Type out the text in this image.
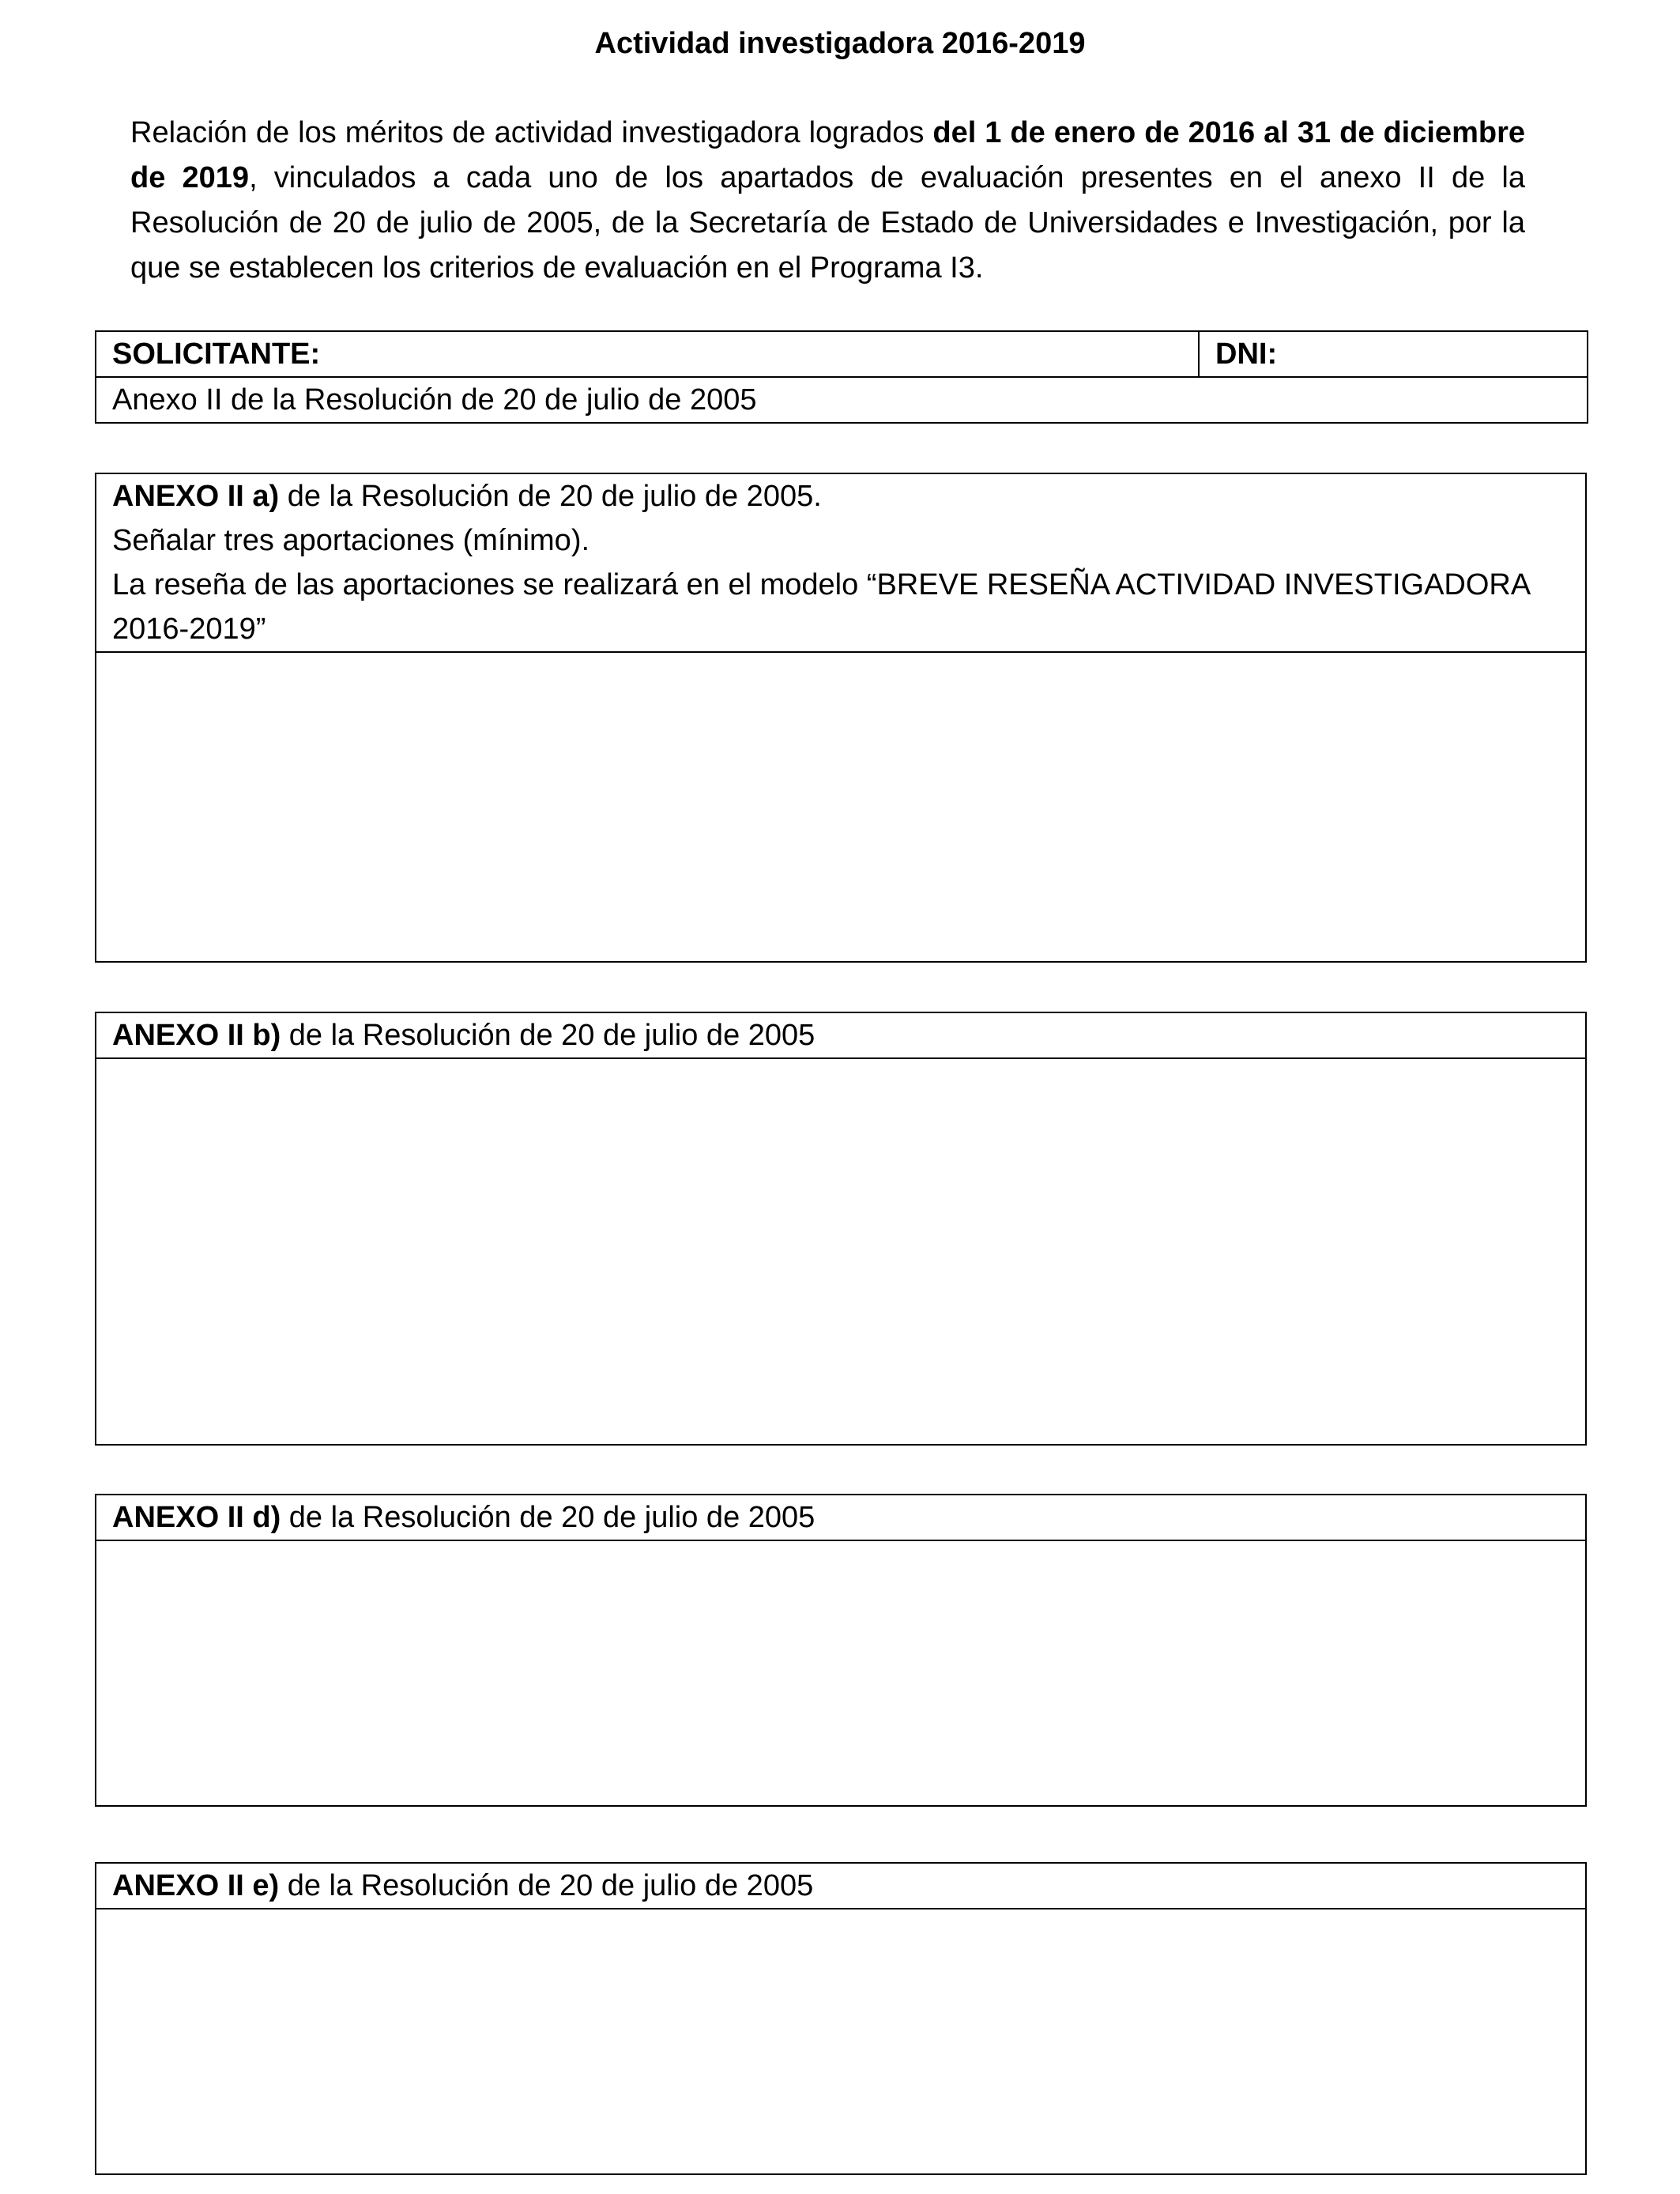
Actividad investigadora 2016-2019
Relación de los méritos de actividad investigadora logrados del 1 de enero de 2016 al 31 de diciembre de 2019, vinculados a cada uno de los apartados de evaluación presentes en el anexo II de la Resolución de 20 de julio de 2005, de la Secretaría de Estado de Universidades e Investigación, por la que se establecen los criterios de evaluación en el Programa I3.
SOLICITANTE:	DNI:
Anexo II de la Resolución de 20 de julio de 2005
ANEXO II a) de la Resolución de 20 de julio de 2005.
Señalar tres aportaciones (mínimo).
La reseña de las aportaciones se realizará en el modelo “BREVE RESEÑA ACTIVIDAD INVESTIGADORA 2016-2019”

ANEXO II b) de la Resolución de 20 de julio de 2005

ANEXO II d) de la Resolución de 20 de julio de 2005

ANEXO II e) de la Resolución de 20 de julio de 2005
